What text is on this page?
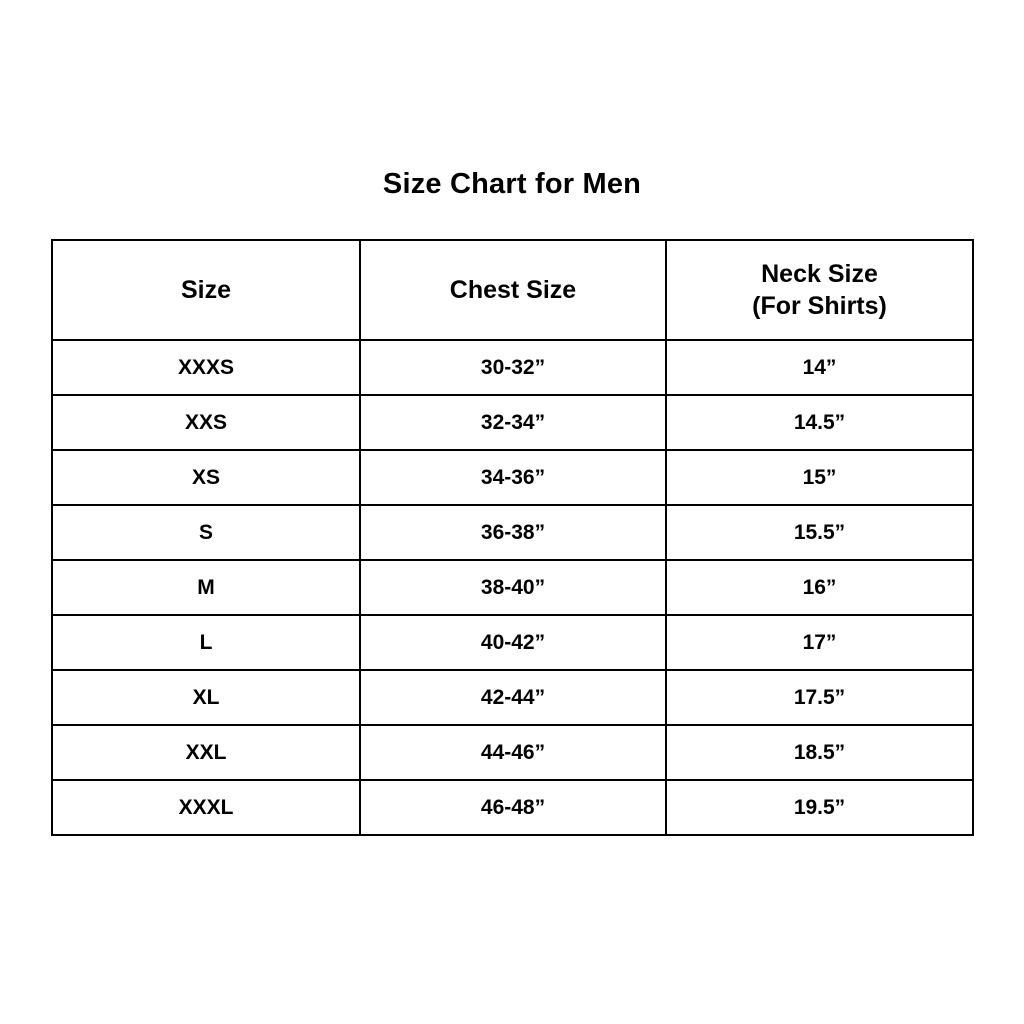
Size Chart for Men
Size	Chest Size	Neck Size
(For Shirts)

XXXS	30-32”	14”
XXS	32-34”	14.5”
XS	34-36”	15”
S	36-38”	15.5”
M	38-40”	16”
L	40-42”	17”
XL	42-44”	17.5”
XXL	44-46”	18.5”
XXXL	46-48”	19.5”
